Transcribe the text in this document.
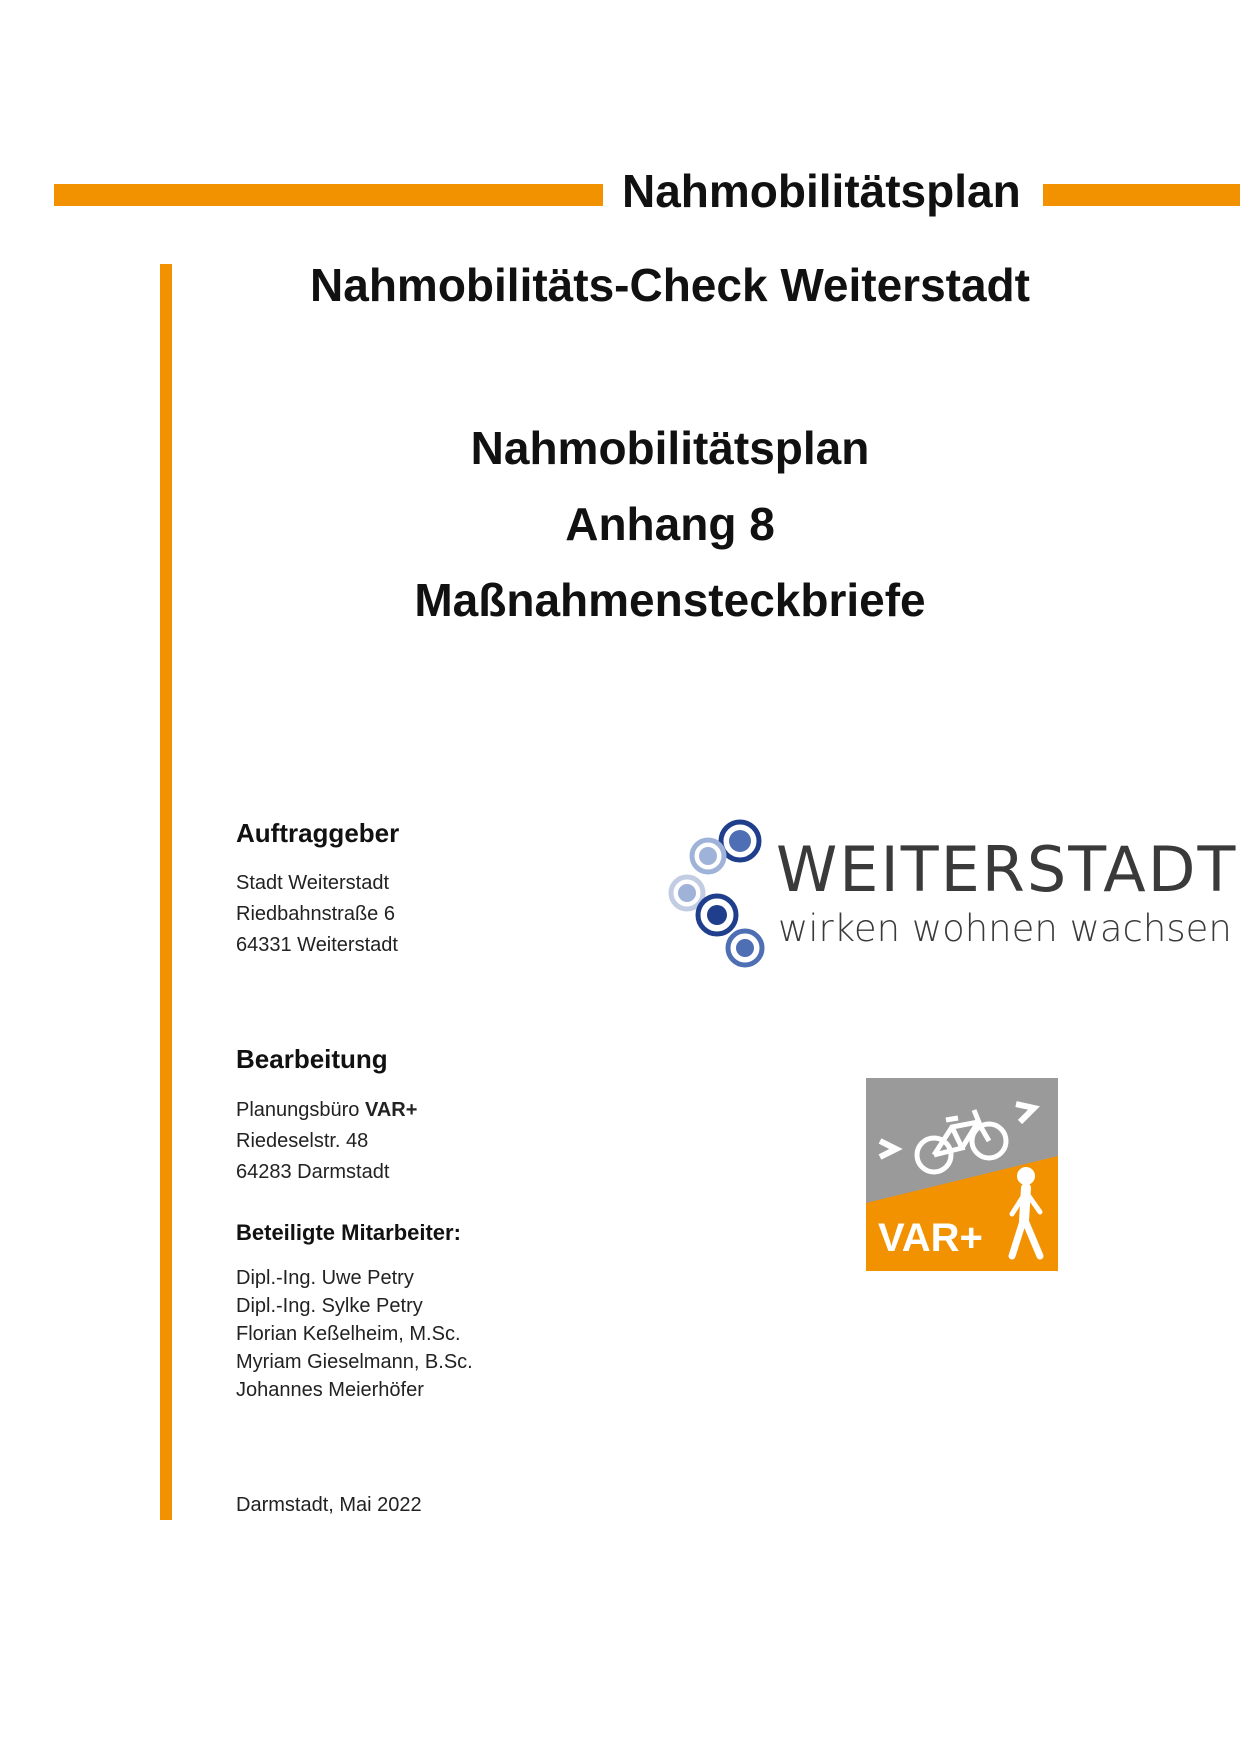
Nahmobilitätsplan
Nahmobilitäts-Check Weiterstadt
Nahmobilitätsplan
Anhang 8
Maßnahmensteckbriefe
Auftraggeber
Stadt Weiterstadt
Riedbahnstraße 6
64331 Weiterstadt
Bearbeitung
Planungsbüro VAR+
Riedeselstr. 48
64283 Darmstadt
Beteiligte Mitarbeiter:
Dipl.-Ing. Uwe Petry
Dipl.-Ing. Sylke Petry
Florian Keßelheim, M.Sc.
Myriam Gieselmann, B.Sc.
Johannes Meierhöfer
Darmstadt, Mai 2022
WEITERSTADT
wirken wohnen wachsen
VAR+
